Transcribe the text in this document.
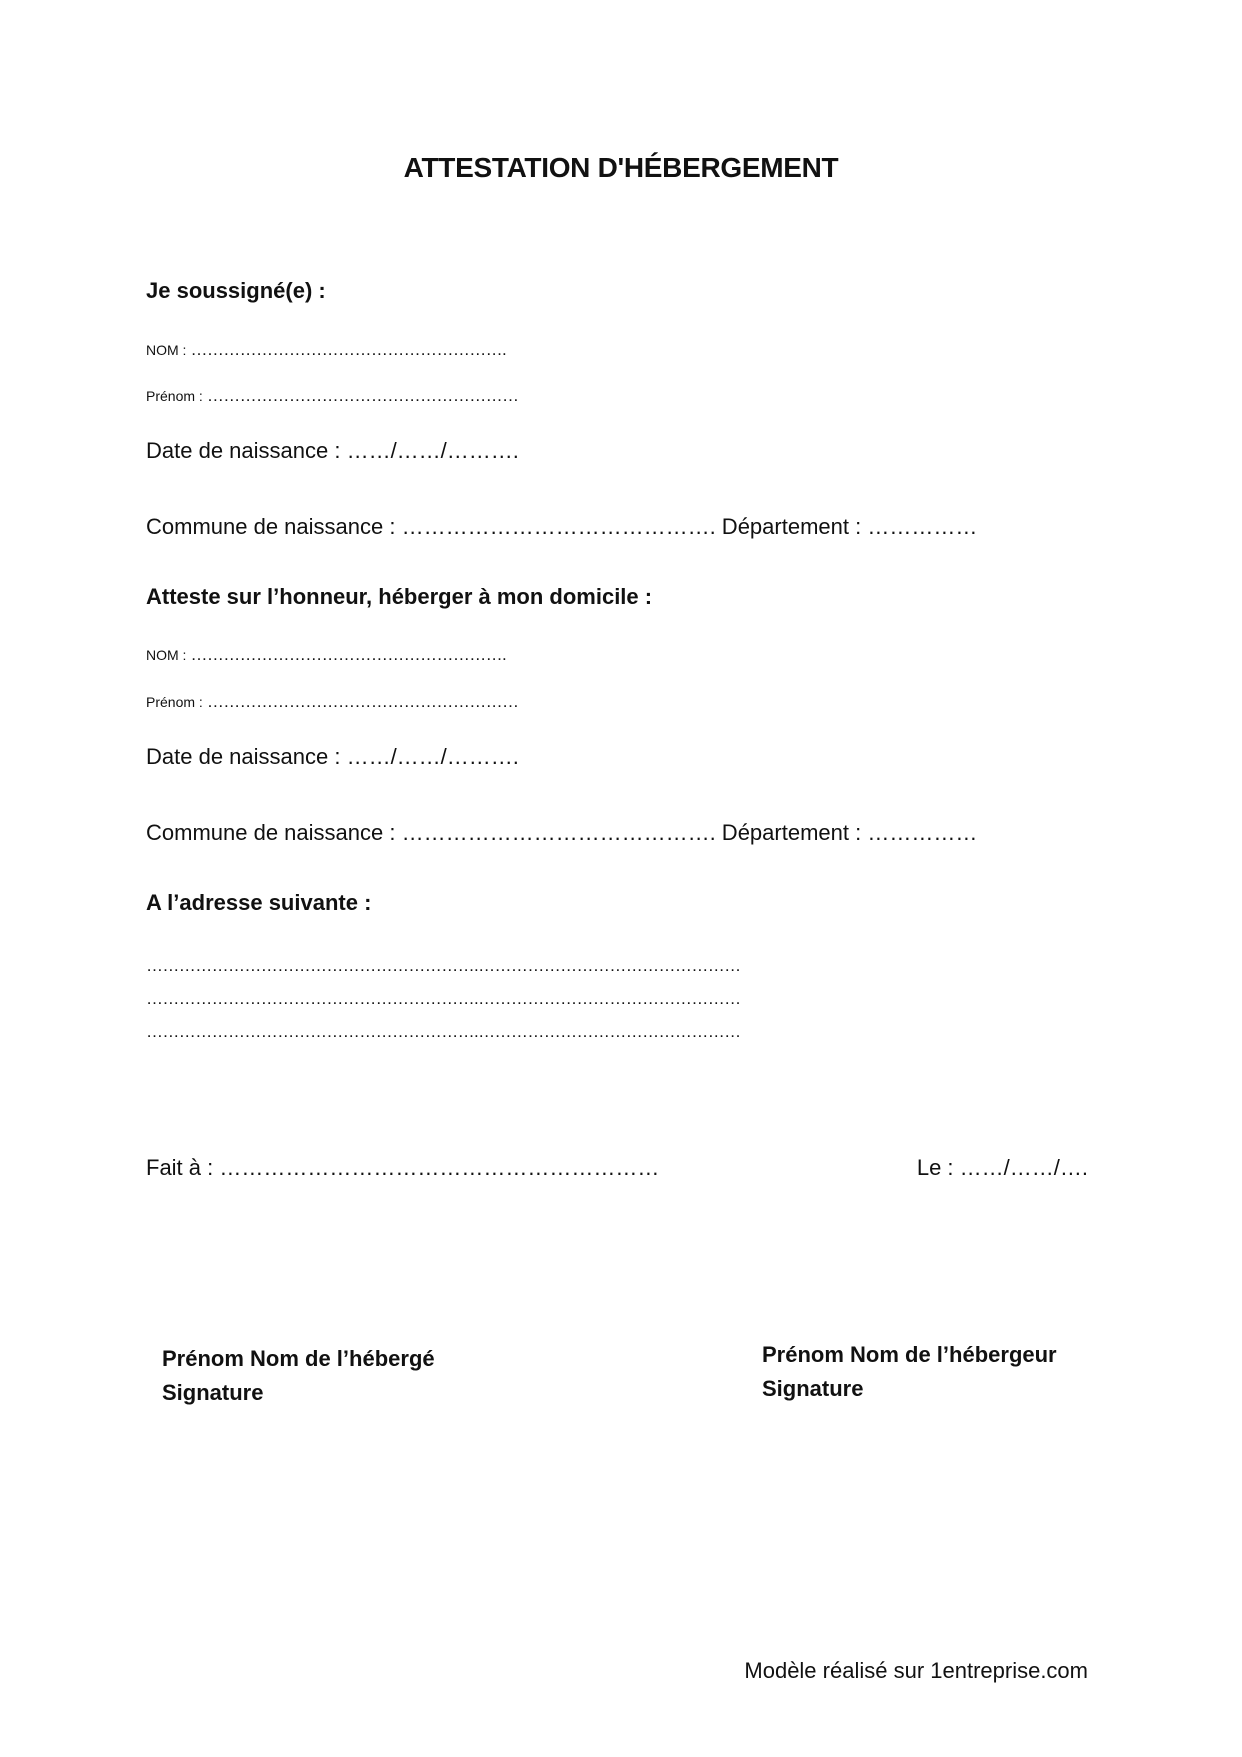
ATTESTATION D'HÉBERGEMENT
Je soussigné(e) :
NOM : ………………………………………………….
Prénom : …………………………………………………
Date de naissance : ……/……/……….
Commune de naissance : ……………………………………. Département : ……………
Atteste sur l’honneur, héberger à mon domicile :
NOM : ………………………………………………….
Prénom : …………………………………………………
Date de naissance : ……/……/……….
Commune de naissance : ……………………………………. Département : ……………
A l’adresse suivante :
…………………………………………………….…………………………………………
…………………………………………………….…………………………………………
…………………………………………………….…………………………………………
Fait à : ……………………………………………………	Le : ……/……/….
Prénom Nom de l’hébergé
Signature
Prénom Nom de l’hébergeur
Signature
Modèle réalisé sur 1entreprise.com
